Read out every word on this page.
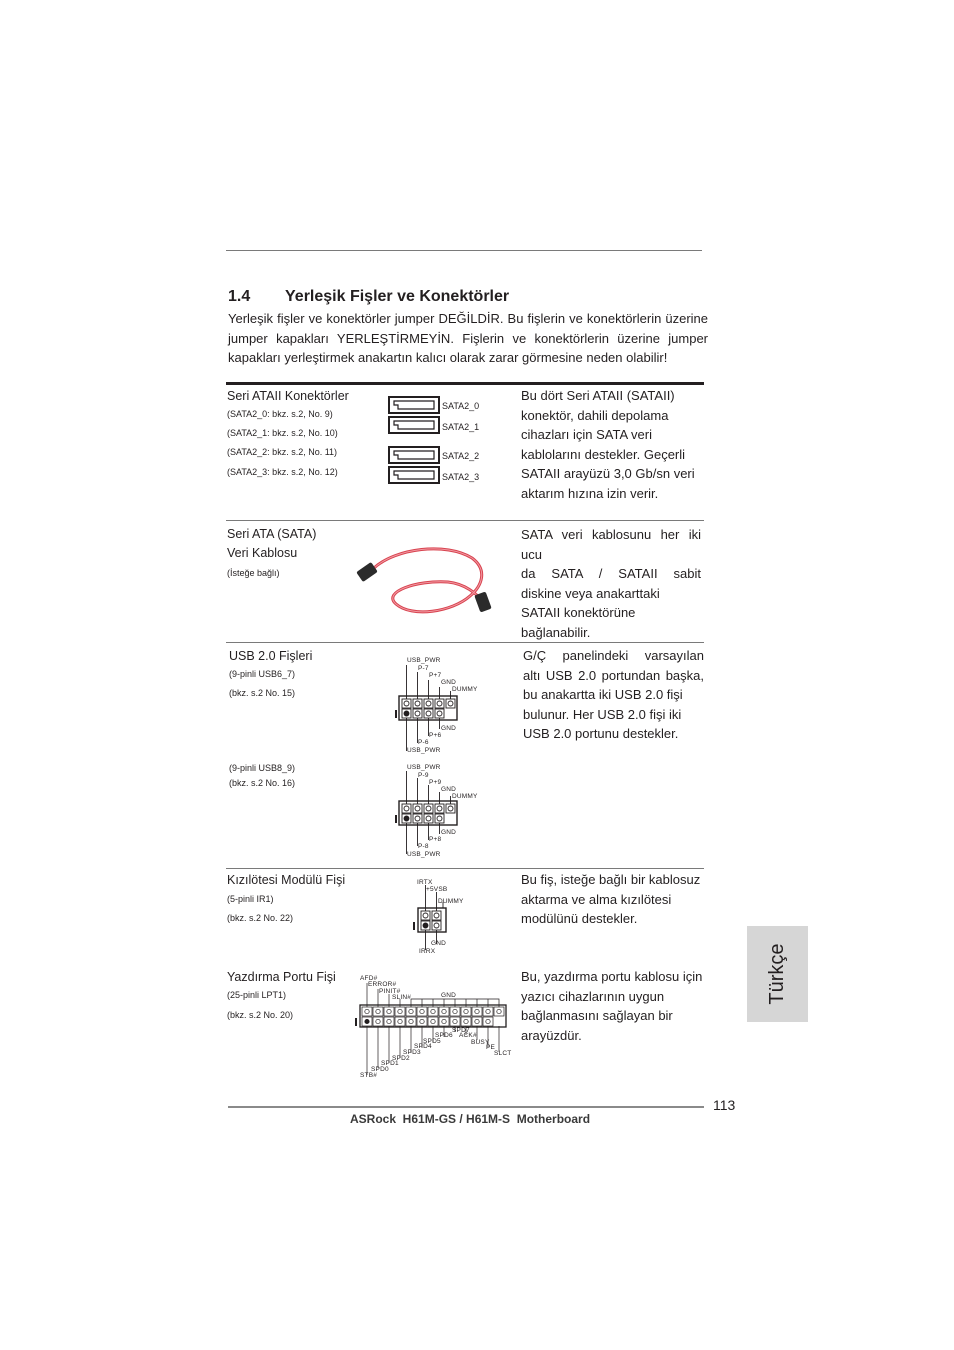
1.4 Yerleşik Fişler ve Konektörler
Yerleşik fişler ve konektörler jumper DEĞİLDİR. Bu fişlerin ve konektörlerin üzerine
jumper kapakları YERLEŞTİRMEYİN. Fişlerin ve konektörlerin üzerine jumper
kapakları yerleştirmek anakartın kalıcı olarak zarar görmesine neden olabilir!
Seri ATAII Konektörler
(SATA2_0: bkz. s.2, No. 9)
(SATA2_1: bkz. s.2, No. 10)
(SATA2_2: bkz. s.2, No. 11)
(SATA2_3: bkz. s.2, No. 12)
SATA2_0
SATA2_1
SATA2_2
SATA2_3
Bu dört Seri ATAII (SATAII)
konektör, dahili depolama
cihazları için SATA veri
kablolarını destekler. Geçerli
SATAII arayüzü 3,0 Gb/sn veri
aktarım hızına izin verir.
Seri ATA (SATA)
Veri Kablosu
(İsteğe bağlı)
SATA veri kablosunu her iki ucu
da SATA / SATAII sabit
diskine veya anakarttaki
SATAII konektörüne
bağlanabilir.
USB 2.0 Fişleri
(9-pinli USB6_7)
(bkz. s.2 No. 15)
(9-pinli USB8_9)
(bkz. s.2 No. 16)
USB_PWR
P-7
P+7
GND
DUMMY
GND
P+6
P-6
USB_PWR
USB_PWR
P-9
P+9
GND
DUMMY
GND
P+8
P-8
USB_PWR
G/Ç panelindeki varsayılan
altı USB 2.0 portundan başka,
bu anakartta iki USB 2.0 fişi
bulunur. Her USB 2.0 fişi iki
USB 2.0 portunu destekler.
Kızılötesi Modülü Fişi
(5-pinli IR1)
(bkz. s.2 No. 22)
IRTX
+5VSB
DUMMY
GND
IRRX
Bu fiş, isteğe bağlı bir kablosuz
aktarma ve alma kızılötesi
modülünü destekler.
Yazdırma Portu Fişi
(25-pinli LPT1)
(bkz. s.2 No. 20)
AFD#
ERROR#
PINIT#
SLIN#	GND
SPD7
SPD6 ACK#
SPD5	BUSY
SPD4	PE
SPD3	SLCT
SPD2
SPD1
SPD0
STB#
Bu, yazdırma portu kablosu için
yazıcı cihazlarının uygun
bağlanmasını sağlayan bir
arayüzdür.
Türkçe
113
ASRock  H61M-GS / H61M-S  Motherboard
